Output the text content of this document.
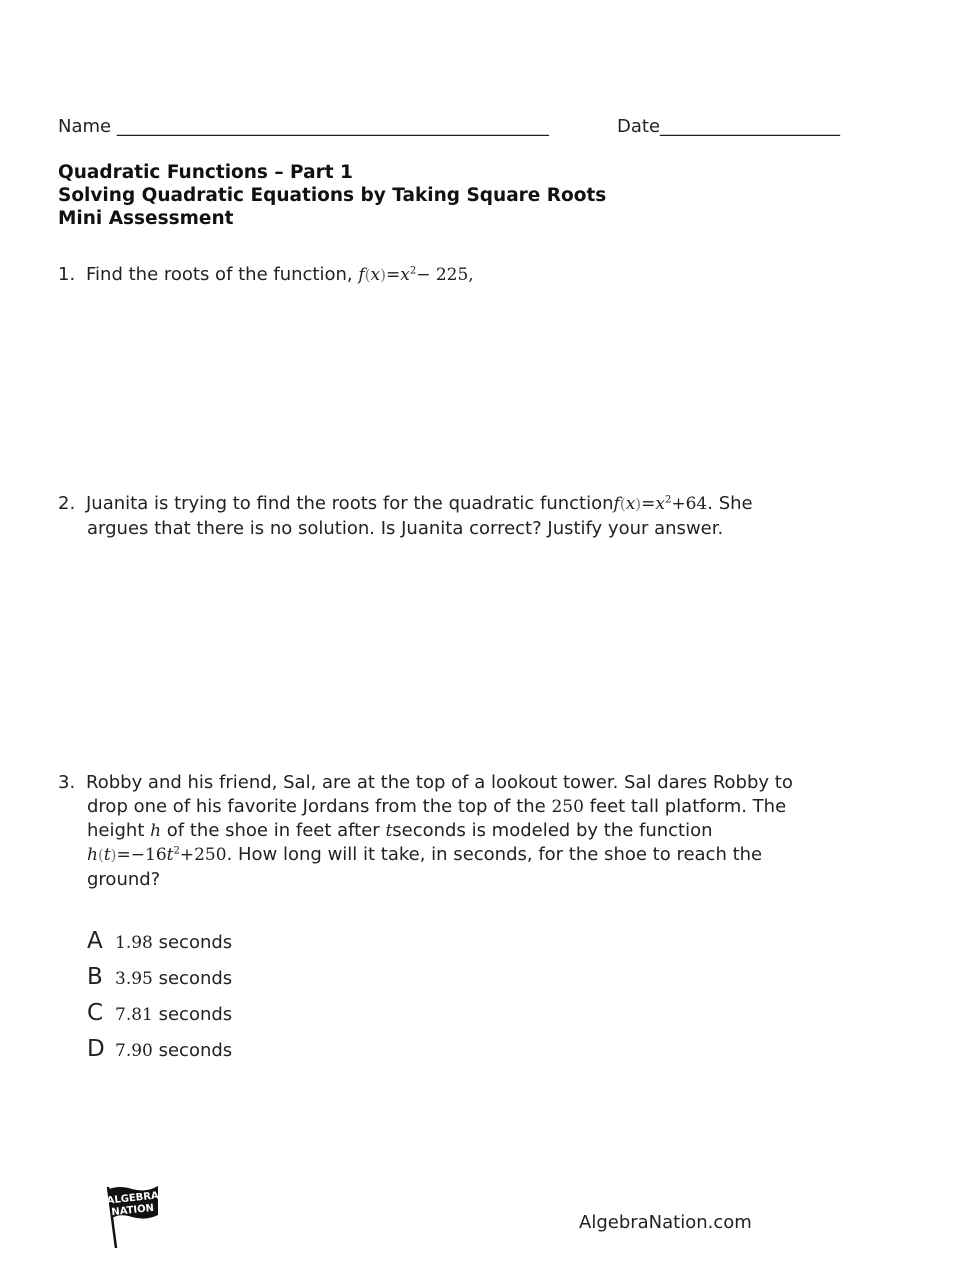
Name ________________________________________________	Date____________________
Quadratic Functions – Part 1
Solving Quadratic Equations by Taking Square Roots
Mini Assessment
1. Find the roots of the function, $f(x)=x^2- 225$,
2. Juanita is trying to find the roots for the quadratic $functionf(x)=x^2+64$. She
argues that there is no solution. Is Juanita correct? Justify your answer.
3. Robby and his friend, Sal, are at the top of a lookout tower. Sal dares Robby to
drop one of his favorite Jordans from the top of the 250 feet tall platform. The
height h of the shoe in feet after tseconds is modeled by the function
$h(t)=-16t^2+250$. How long will it take, in seconds, for the shoe to reach the
ground?
A 1.98 seconds
B 3.95 seconds
C 7.81 seconds
D 7.90 seconds
ALGEBRA
NATION
AlgebraNation.com
